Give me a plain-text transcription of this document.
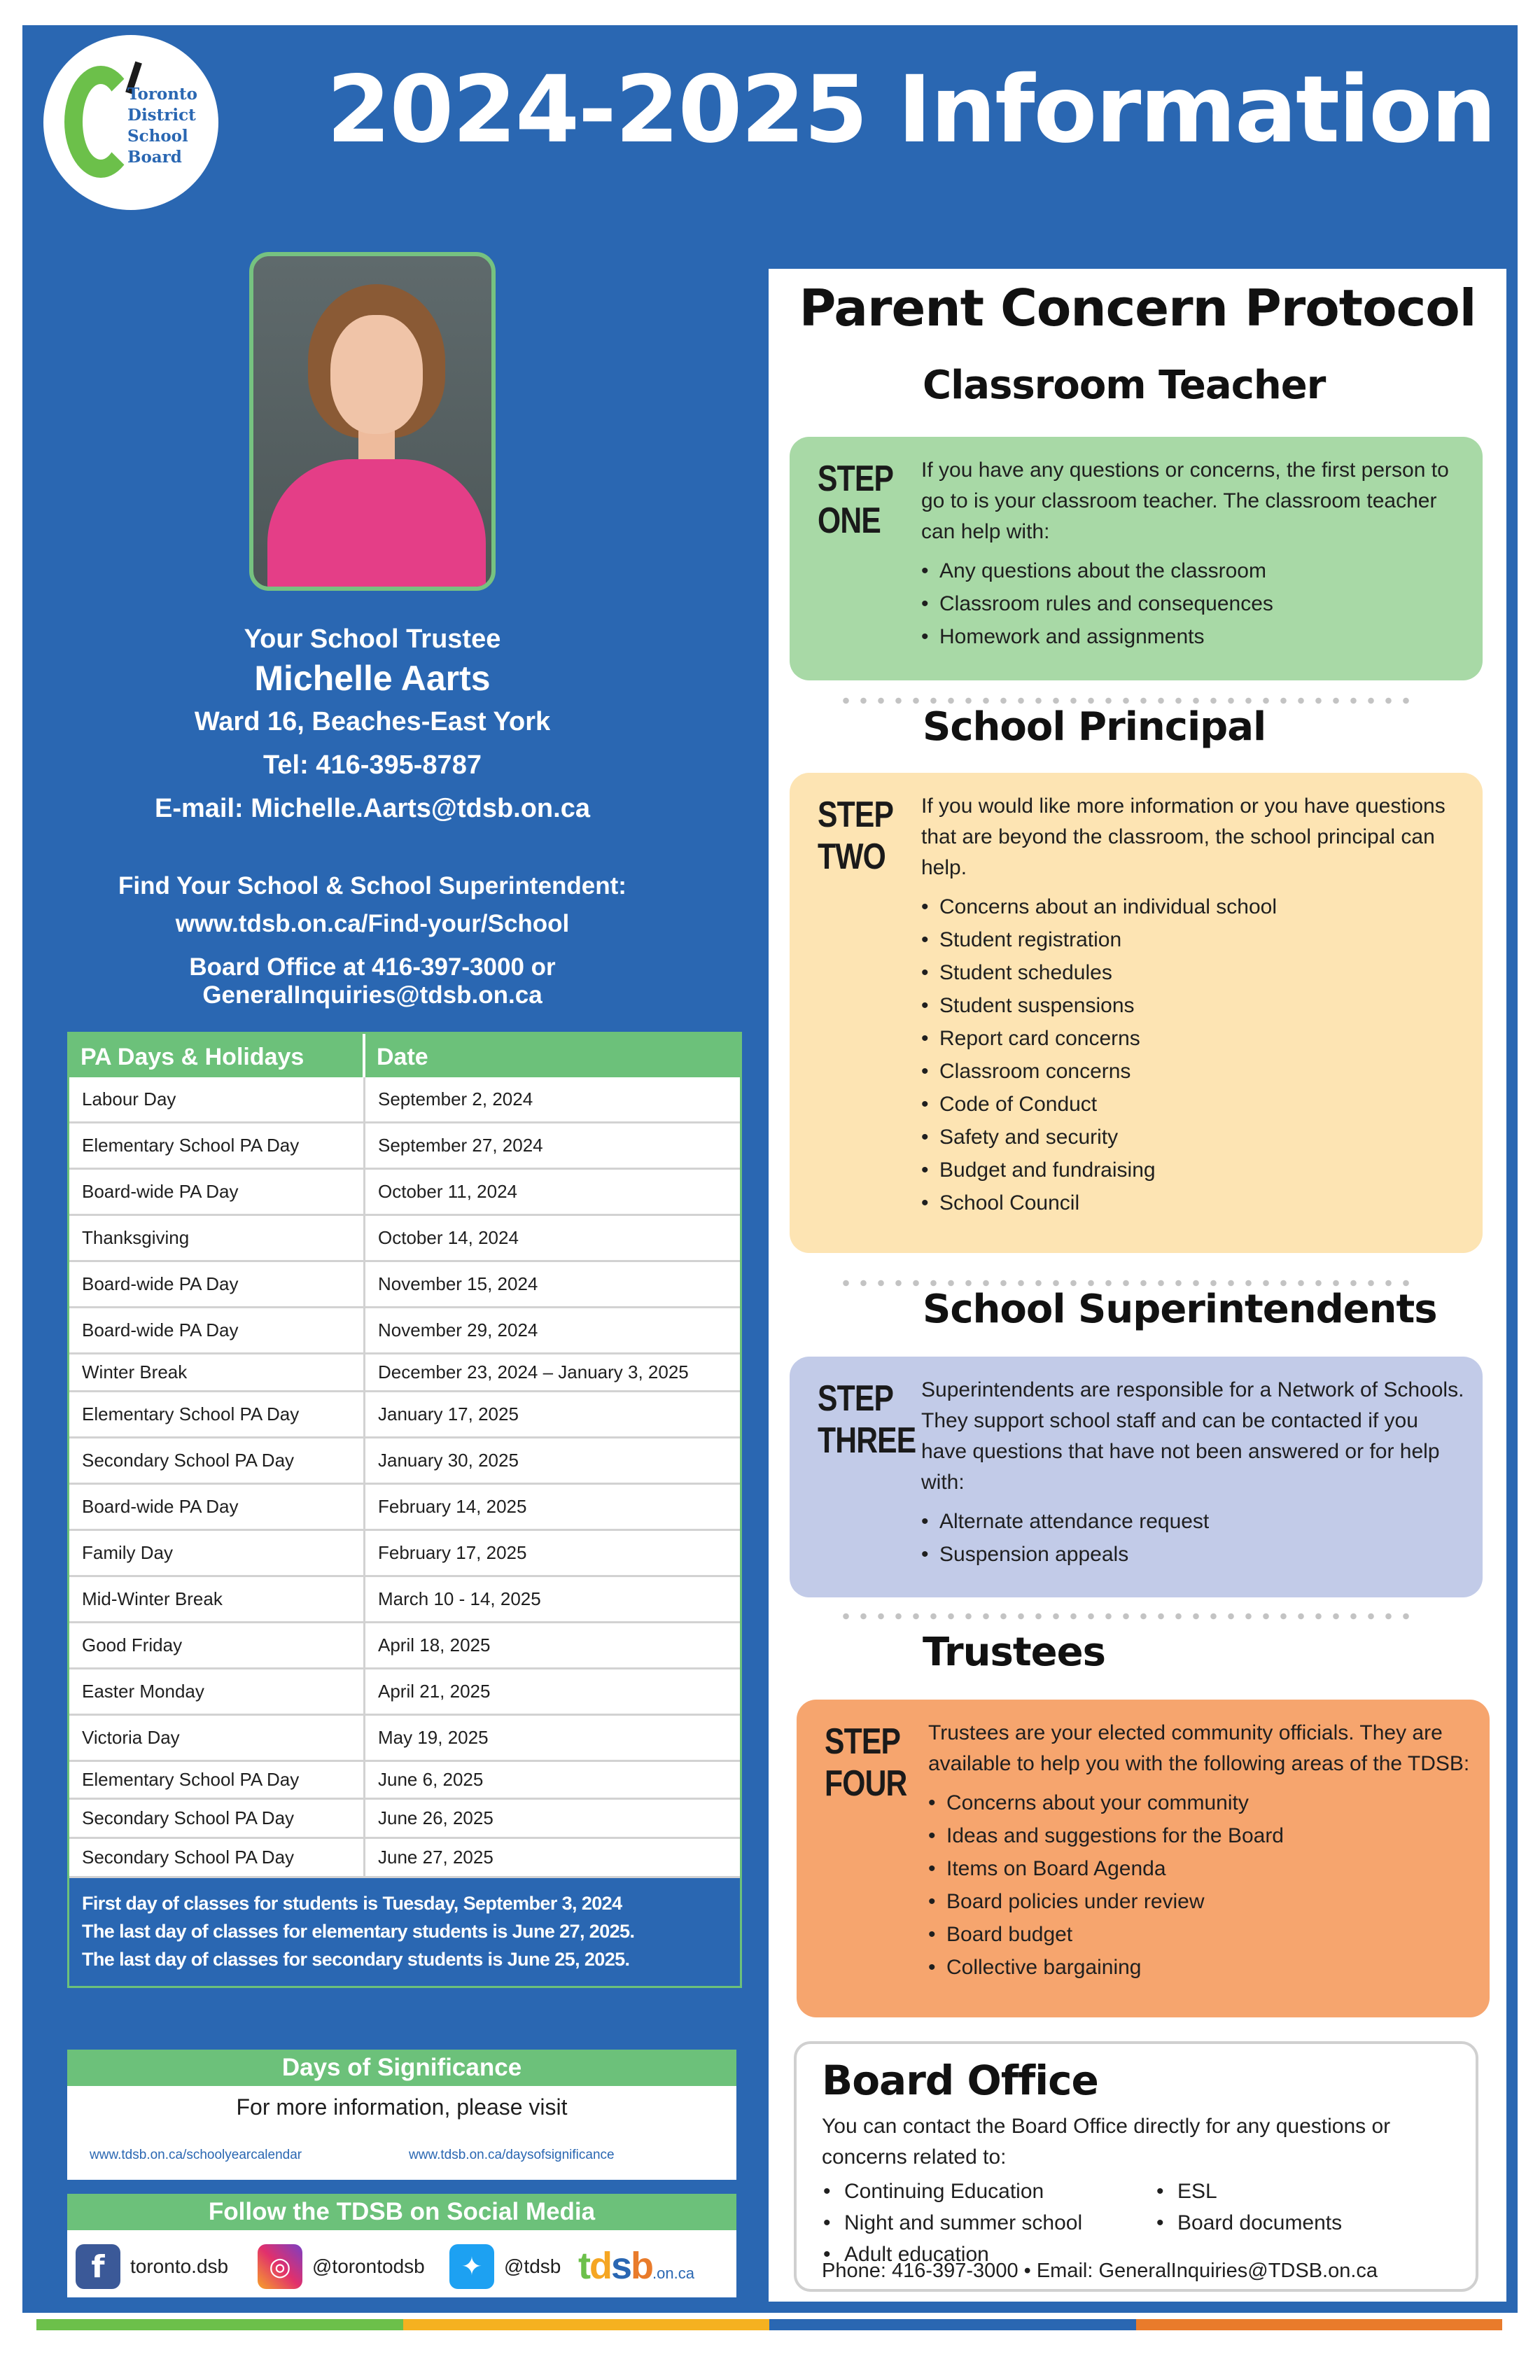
Toronto
District
School
Board 2024-2025 Information
Your School Trustee
Michelle Aarts
Ward 16, Beaches-East York
Tel: 416-395-8787
E-mail: Michelle.Aarts@tdsb.on.ca
Find Your School & School Superintendent:
www.tdsb.on.ca/Find-your/School
Board Office at 416-397-3000 or GeneralInquiries@tdsb.on.ca
PA Days & Holidays	Date
Labour Day	September 2, 2024
Elementary School PA Day	September 27, 2024
Board-wide PA Day	October 11, 2024
Thanksgiving	October 14, 2024
Board-wide PA Day	November 15, 2024
Board-wide PA Day	November 29, 2024
Winter Break	December 23, 2024 – January 3, 2025
Elementary School PA Day	January 17, 2025
Secondary School PA Day	January 30, 2025
Board-wide PA Day	February 14, 2025
Family Day	February 17, 2025
Mid-Winter Break	March 10 - 14, 2025
Good Friday	April 18, 2025
Easter Monday	April 21, 2025
Victoria Day	May 19, 2025
Elementary School PA Day	June 6, 2025
Secondary School PA Day	June 26, 2025
Secondary School PA Day	June 27, 2025
First day of classes for students is Tuesday, September 3, 2024
The last day of classes for elementary students is June 27, 2025.
The last day of classes for secondary students is June 25, 2025.
Days of Significance
For more information, please visit
www.tdsb.on.ca/schoolyearcalendar	www.tdsb.on.ca/daysofsignificance
Follow the TDSB on Social Media
f	toronto.dsb	◎	@torontodsb	✦	@tdsb tdsb.on.ca
Parent Concern Protocol
Classroom Teacher
STEP
ONE
If you have any questions or concerns, the first person to go to is your classroom teacher. The classroom teacher can help with:
• Any questions about the classroom
• Classroom rules and consequences
• Homework and assignments
School Principal
STEP
TWO
If you would like more information or you have questions that are beyond the classroom, the school principal can help.
• Concerns about an individual school
• Student registration
• Student schedules
• Student suspensions
• Report card concerns
• Classroom concerns
• Code of Conduct
• Safety and security
• Budget and fundraising
• School Council
School Superintendents
STEP
THREE
Superintendents are responsible for a Network of Schools. They support school staff and can be contacted if you have questions that have not been answered or for help with:
• Alternate attendance request
• Suspension appeals
Trustees
STEP
FOUR
Trustees are your elected community officials. They are available to help you with the following areas of the TDSB:
• Concerns about your community
• Ideas and suggestions for the Board
• Items on Board Agenda
• Board policies under review
• Board budget
• Collective bargaining
Board Office
You can contact the Board Office directly for any questions or concerns related to:
• Continuing Education
• Night and summer school
• Adult education
• ESL
• Board documents
Phone: 416-397-3000 • Email: GeneralInquiries@TDSB.on.ca
